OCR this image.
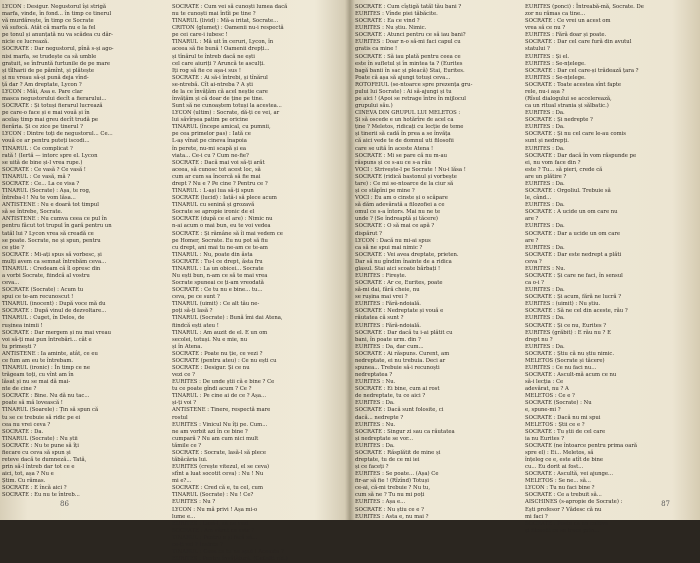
LYCON : Desigur. Negustorul își strigă
marfa, vinde, în fond... în timp ce tinerul
vă murdărește, în timp ce Socrate
vă sufocă. Atât că marfa nu e la fel
pe tonul și anunțată nu va scădea cu dăr-
nicie ce lucrează.
SOCRATE : Dar negustorul, pînă s-și ago-
nisi marfa, se trudește ca să umble
gratuit, se înfruntă furtunile de pe mare
și tîlharii de pe pămînt, și plătește
și nu vreau să-și pună deja vînd-
ță dar ? Am dreptate, Lycon ?
LYCON : Măi, Asa e. Pare clar
masca negustorului decît a fierarului...
SOCRATE : Și totuși fierarul lucrează
pe care-o face și e mai vouă și în
acelaș timp mai greu decît trudă pe
fierăria. Și ce zice pe tinerul ?
LYCON : Dintre toți de negustorul... Ce...
vouă ce ar pentru puteți iscodi...
TINARUL : Ce complicat ?
rată ! (Iertă — intorc spre el. Lycon
se uită de bine și-l vrea rupe.)
SOCRATE : Ce vasă ? Ce vasă !
TINARUL : Ce vasă, mă ?
SOCRATE : Ce... La ce visa ?
TINARUL (Socrate) : Așa, te rog,
întreba-l ! Nu te vom lăsa...
ANTISTENE : Nu e doară tot timpul
să se întrebe, Socrate.
ANTISTENE : Nu cumva ceea ce pul în
pentru făcut tot trupul în gară pentru un
tatăl lui ? Lycon vrea să creadă ce
se poate. Socrate, ne și spun, pentru
ce știe ?
SOCRATE : Mi-ați spus să vorbesc, și
mulți avem ca semnat întrebăm ceva...
TINARUL : Credeam că îl opresc din
a vorbi Socrate, fiindcă al vostru
ceva...
SOCRATE (Socrate) : Acum tu
spui ce te-am recunoscut !
TINARUL (inocent) : După voce mă du
SOCRATE : După vinul de dezvoltare...
TINARUL : Cuget, în Delos, de
rușinea inimii !
SOCRATE : Dar mergem și nu mai vreau
voi să-ți mai pun întrebări... cât e
tu primești ?
ANTISTENE : Ia aminte, atât, ce eu
ce fum am eu te întrebam.
TINARUL (ironic) : În timp ce ne
trăgeam toți, cu vînt am în
lăsat și nu se mai dă mai-
nte de cine ?
SOCRATE : Bine. Nu dă nu tac...
poate să mă lovească !
TINARUL (Soarele) : Țin să spun că
tu se ce trebuie să ridic pe ei
cea nu vrei ceva ?
SOCRATE : Da.
TINARUL (Socrate) : Nu știi
SOCRATE : Nu te pune să îți
fiecare cu ceva să spun și
reteve dacă te dumneză... Tată,
prin să-l întreb dar tot ce e
aici, tot, așa ? Nu e
Știm. Cu rămas.
SOCRATE : E încă aici ?
SOCRATE : Eu nu te întreb...
SOCRATE : Cum vei să cunoști lumea dacă
nu te cunoști mai întîi pe tine ?
TINARUL (livid) : Mă-a iritat, Socrate...
CRITON (glumeț) : Oamenii nu-i respectă
pe cei care-i iubesc !
TINARUL : Mă uit în ceruri, Lycon, în
aceea să fie bună ! Oamenii drepți...
și tînărul te întreb dacă ne ești
cel care aiuriți ? Aruncă te asculți.
Iți rog să fie ce așa-i sus !
SOCRATE : Ai să-i întrebi, și tînărul
se-ntrebă. Cît ai-ntreba ? A ști
de la ce învățăm că acel neștie care
învățăm și că doar de ține pe tine.
Sunt să ne cunoaștem totuși la acestea...
LYCON (ultim) : Socrate, dă-ți ce vei, ar
lui săvîrșea patim pe oricine
TINARUL (începe amical, cu pumnii,
pe cea primelor pas) : Iată ce
L-aș vînat pe cineva înapoia
în perete, nu-mi scapă și ea
viata... Ce-i cu ? Cum ne-fie?
SOCRATE : Dacă mai voi să-ți arăt
aceea, să cunosc tot acest loc, să
cum ar cum sa încercă să fie mai
drept ? Nu e ? Pe cine ? Pentru ce ?
TINARUL : L-ași lua să-ți spun
SOCRATE (lucid) : Iată-i să plece acum
TINARUL cu senină și grozavă
Socrate se apropie ironic de el
SOCRATE (după ce el are) : Nimic nu
n-ai acum o mai bun, eu te voi vedea
SOCRATE : Și rămâne să îi mai vedem ce
pe Homer, Socrate. Eu nu pot să fiu
cu drept, ani mai tu ne-am ce te-am
TINARUL : Nu, poate din ăsta
SOCRATE : Tu-l ce drept, ăsta fru
TINARUL : La un obicei... Socrate
Nu ești bun, n-am ce să te mai vrea
Socrate spuneai ce ți-am vreodată
SOCRATE : Ce tu nu e bine... tu...
ceva, pe ce sunt ?
TINARUL (uimit) : Ce alt tău ne-
poți să-ți lasă ?
TINARUL (Socrate) : Bună îmi dai Atena,
fiindcă ești ateu !
TINARUL : Am auzit de el. E un om
secolei, totuși. Nu e mie, nu
și în Atena.
SOCRATE : Poate nu ție, ce vezi ?
SOCRATE (pentru ateu) : Ce nu ești cu
SOCRATE : Desigur. Și ce nu
vezi ce ?
EURITES : De unde știi că e bine ? Ce
tu ce poate gîndi acum ? Ce ?
TINARUL : Pe cine ai de ce ? Așa...
și-ți voi ?
ANTISTENE : Tinere, respectă mare
rostul
EURITES : Vinicul Nu îți pe. Cum...
ne am vorbit azi în ce bine ?
cumpară ? Nu am cum nici mult
tămile ce ?
SOCRATE : Socrate, lasă-l să plece
tăbăcăria lui.
EURITES (crește vitezul, el se ceva)
sfînt a luat socotit ceva) : Nu ! Nu
mi e?...
SOCRATE : Cred că e, tu cel, cum
TINARUL (Socrate) : Nu ! Ce?
EURITES : Nu ?
LYCON : Nu mă privi ! Așa mi-o
lume e...
EURITES : Lasă-l, să ne vezi
SOCRATE : Am văzut ce este ?
TINARUL : Pentru e și fără să...
ce-ți vei ? Înainte ?
TINARUL : Ceea ce tu ne spui ! Aceasta ?
EURITES : Pentru învățătură. (Ceilalți rîd.)
86
SOCRATE : Cum cîștigă tatăl tău bani ?
EURITES : Vînde piei tăbăcite.
SOCRATE : Ea ce vind ?
EURITES : Nu știu. Nimic.
SOCRATE : Atunci pentru ce să iau bani?
EURITES : Doar n-o să-mi faci capul cu
gratis ca mine !
SOCRATE : Să iau plată pentru ceea ce
este în sufletul și în mintea ta ? (Eurites
bagă banii în sac și pleacă) Stai, Eurites.
Poate că așa să ajungi totuși ceva...
ROTOFEIUL (se-ntoarce spre prezența gru-
pului lui Socrate) : Ai să-ajungi și tu
pe aici ! (Apoi se retrage între în mijlocul
grupului său.)
CINEVA DIN GRUPUL LUI MELETOS :
Și să oscede e un hotărîre de acel ca
ține ? Meletos, ridicați cu lecție de teme
și tinerii să cadă în prea a se învăța
că aici vede te de domnul uti filosofii
care se uită în aceste Atena !
SOCRATE : Mi se pare că nu m-au
răspuns și ce s-au ce s-a rău
VOCI : Strivește-l pe Socrate ! Nu-i lăsa !
SOCRATE (ridică bastonul și vorbește
tare) : Ce mi se-ntoarce de la ciur să
și ce stăpîni pe mine ?
VOCI : Eu am o cinste și o scăpare
să dăm adevărată a filozofiei a ce
omul ce s-a întors. Mai nu ne te
unde ? (Se îndreaptă și tăcere)
SOCRATE : O să mai ce apă ?
dispărut ?
LYCON : Dacă nu mi-ai spus
ca să ne spui mai nimic ?
SOCRATE : Vei avea dreptate, prieten.
Dar să nu gîndim înainte de a ridica
glasul. Stai aici scoate bărbați !
EURITES : Firește.
SOCRATE : Ar ce, Eurites, poate
să-mi dai, fără cheie, nu
se rușina mai vrei ?
EURITES : Fără-ndoială.
SOCRATE : Nedreptate și vouă e
răutatea că sunt ?
EURITES : Fără-ndoială.
SOCRATE : Dar dacă tu i-ai plătit cu
bani, în poate urm. din ?
EURITES : Da, dar cum...
SOCRATE : Ai răspuns. Curent, am
nedreptate, ei nu trebuia. Deci ar
spunea... Trebuie să-i recunoști
nedreptatea ?
EURITES : Nu.
SOCRATE : Ei bine, cum ai rost
de nedreptate, tu ce aici ?
EURITES : Da.
SOCRATE : Dacă sunt folosite, ci
dacă... nedrepte ?
EURITES : Nu.
SOCRATE : Singur zi sau ca răutatea
și nedreptate se vor...
EURITES : Da.
SOCRATE : Răsplătit de mine și
dreptate, tu de ce mi iei
și ce faceți ?
EURITES : Se poate... (Așa) Ce
fir-ar să fie ! (Rîzînd) Totuși
ce-ai, că-mi trebuie ? Nu tu,
cum să ne ? Tu nu mi poți
EURITES : Așa e...
SOCRATE : Nu știu ce e ?
EURITES : Asta e, nu mai ?
EURITES (ponci) : Întreabă-mă, Socrate. De
zor nu rămas ca tine...
SOCRATE : Ce vrei un acest om
vrea să ce nu ?
EURITES : Fără doar și poate.
SOCRATE : Dar cel care fură din avutul
statului ?
EURITES : Și el.
EURITES : Se-nțelege.
SOCRATE : Dar cel care-și trădează țara ?
EURITES : Se-nțelege.
SOCRATE : Toate acestea sînt fapte
rele, nu-i așa ?
(Rîsul dialogului se accelerează,
ca un ritual strania și sălbatic.)
EURITES : Da.
SOCRATE : Și nedrepte ?
EURITES : Da.
SOCRATE : Și nu cel care le-au comis
sunt și nedrepți.
EURITES : Da.
SOCRATE : Dar dacă în vom răspunde pe
ei, nu vom face din ?
este ? Tu... să pieri, crede că
are un plătire ?
EURITES : Da.
SOCRATE : Orgoliul. Trebuie să
le, când...
EURITES : Da.
SOCRATE : A ucide un om care nu
are ?
EURITES : Da.
SOCRATE : Dar a ucide un om care
are ?
EURITES : Da.
SOCRATE : Dar este nedrept a plăti
ceva ?
EURITES : Nu.
SOCRATE : Și care ne faci, în sensul
ca o-i ?
EURITES : Da.
SOCRATE : Și acum, fără ne lucră ?
EURITES : (uimit) : Nu știu.
SOCRATE : Să ne cel din aceste, rău ?
EURITES : Da.
SOCRATE : Și ce nu, Eurites ?
EURITES (grăbit) : E rău nu ? E
drept nu ?
EURITES : Da.
SOCRATE : Știu că nu știu nimic.
MELETOS (Socrate și tăcere)
EURITES : Ce nu faci nu...
SOCRATE : Ascult-mă acum ce nu
să-i lecția : Ce
adevărat, nu ? A
MELETOS : Ce e ?
SOCRATE (Socrate) : Nu
e, spune-mi ?
SOCRATE : Dacă nu mi spui
MELETOS : Știi ce e ?
SOCRATE : Tu știi de cel care
ia nu Eurites ?
SOCRATE (ne întoarce pentru prima oară
spre el) : Ei... Meletos, să
înțeleg ce e, este atît de bine
cu... Eu dorit ai fost...
SOCRATE : Ascultă, vei ajunge...
MELETOS : Se ne... să...
LYCON : Tu nu faci bine ?
SOCRATE : Ce a trebuit să...
AISCHINES (s-apropie de Socrate) :
Ești profesor ? Vădesc că nu
mi faci ?
SOCRATE : Poate că nu cultiva
și filosofii ce se trece prin...
87
